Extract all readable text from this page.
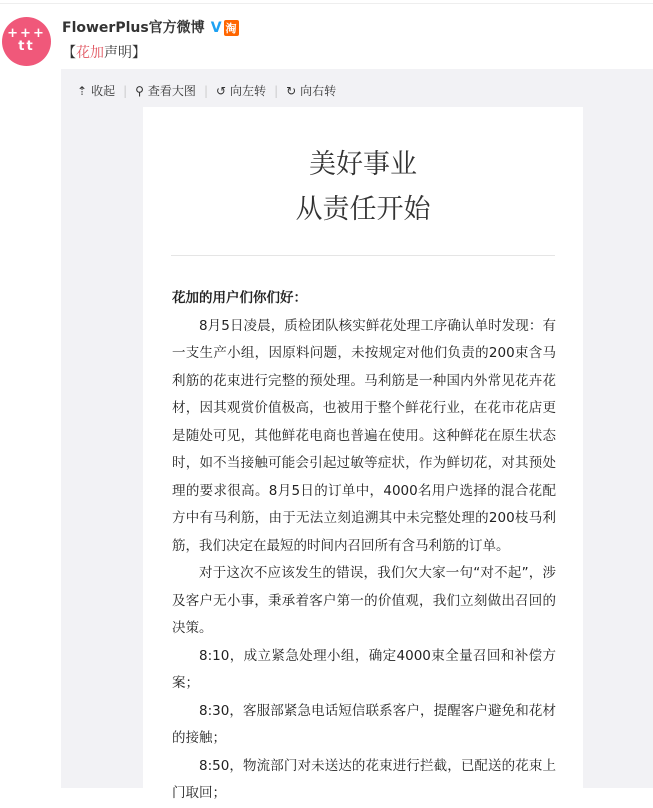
+++ tt
FlowerPlus官方微博 V 淘
【花加声明】
⇡ 收起 | ⚲ 查看大图 | ↺ 向左转 | ↻ 向右转
美好事业
从责任开始

花加的用户们你们好：

8月5日凌晨，质检团队核实鲜花处理工序确认单时发现：有一支生产小组，因原料问题，未按规定对他们负责的200束含马利筋的花束进行完整的预处理。马利筋是一种国内外常见花卉花材，因其观赏价值极高，也被用于整个鲜花行业，在花市花店更是随处可见，其他鲜花电商也普遍在使用。这种鲜花在原生状态时，如不当接触可能会引起过敏等症状，作为鲜切花，对其预处理的要求很高。8月5日的订单中，4000名用户选择的混合花配方中有马利筋，由于无法立刻追溯其中未完整处理的200枝马利筋，我们决定在最短的时间内召回所有含马利筋的订单。

对于这次不应该发生的错误，我们欠大家一句“对不起”，涉及客户无小事，秉承着客户第一的价值观，我们立刻做出召回的决策。

8:10，成立紧急处理小组，确定4000束全量召回和补偿方案；

8:30，客服部紧急电话短信联系客户，提醒客户避免和花材的接触；

8:50，物流部门对未送达的花束进行拦截，已配送的花束上门取回；
